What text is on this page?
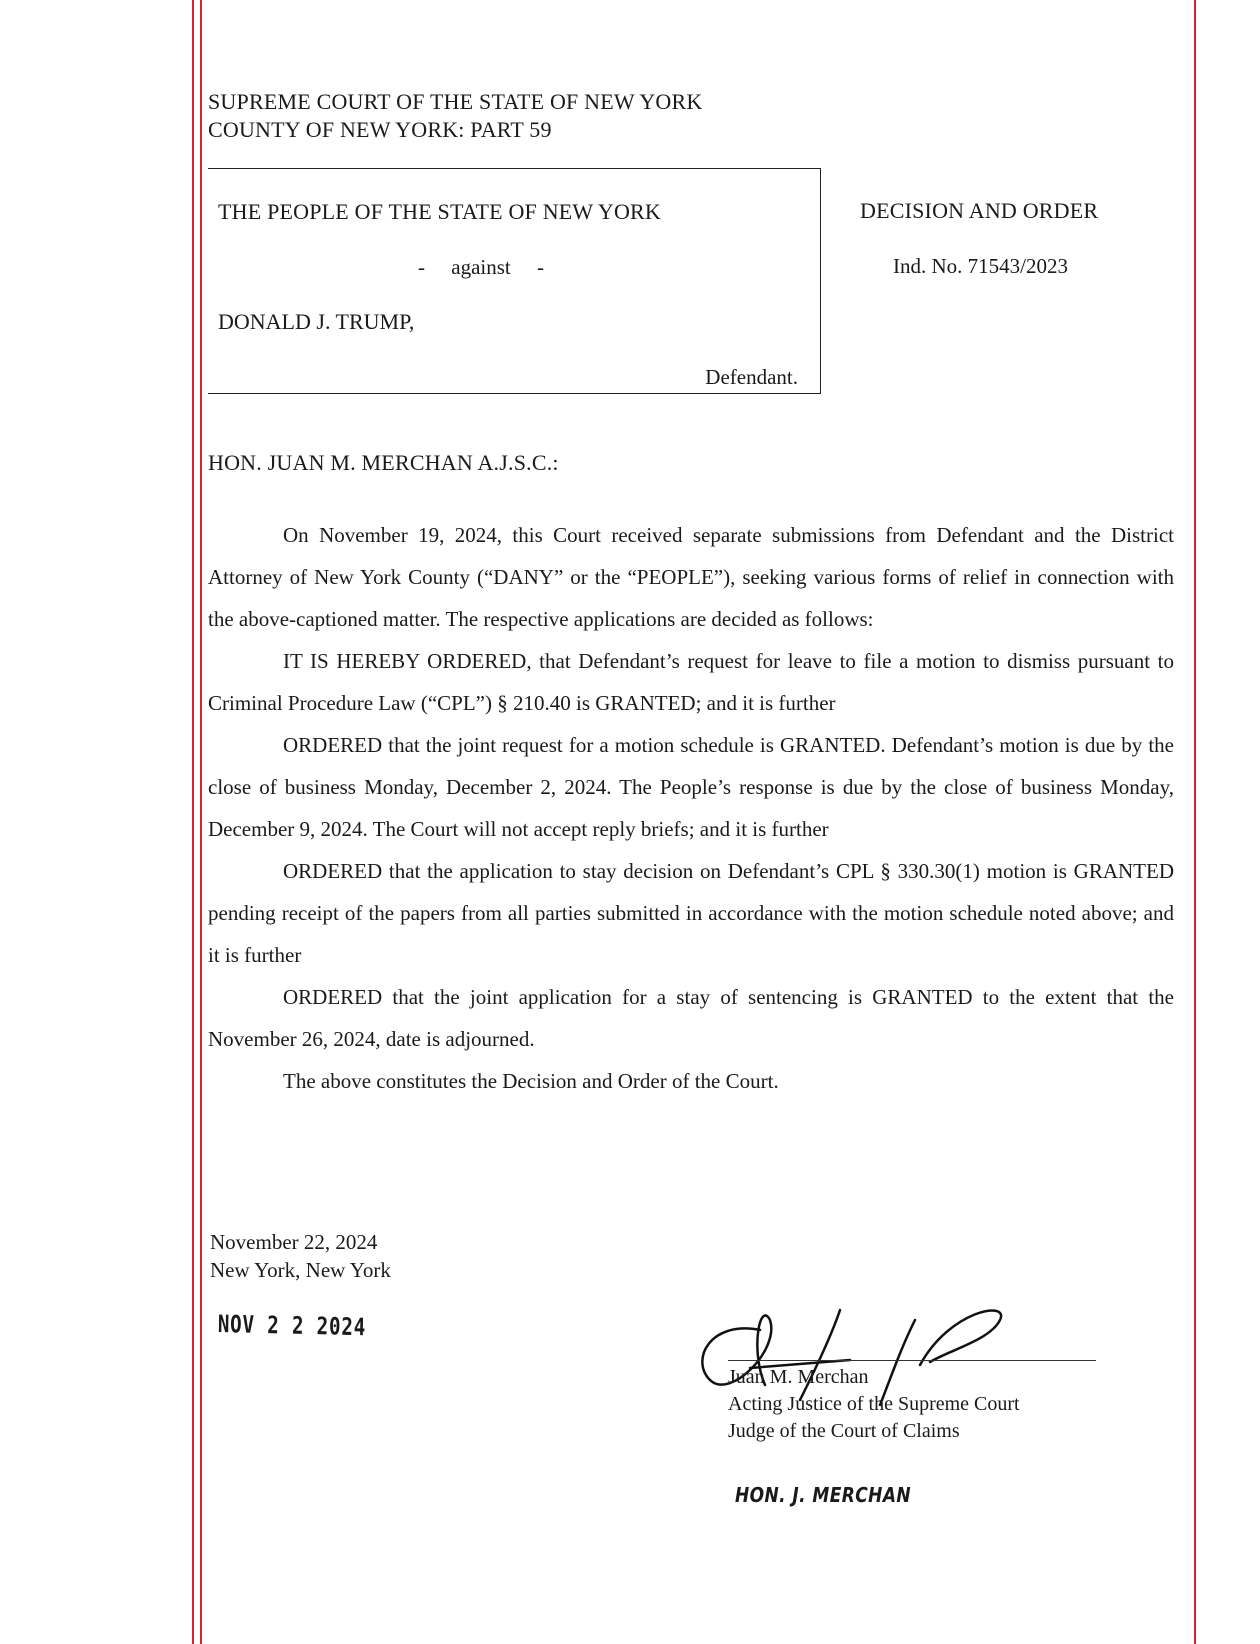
SUPREME COURT OF THE STATE OF NEW YORK
COUNTY OF NEW YORK: PART 59
THE PEOPLE OF THE STATE OF NEW YORK
-     against     -
DONALD J. TRUMP,
Defendant.
DECISION AND ORDER
Ind. No. 71543/2023
HON. JUAN M. MERCHAN A.J.S.C.:

On November 19, 2024, this Court received separate submissions from Defendant and the District Attorney of New York County (“DANY” or the “PEOPLE”), seeking various forms of relief in connection with the above-captioned matter. The respective applications are decided as follows:

IT IS HEREBY ORDERED, that Defendant’s request for leave to file a motion to dismiss pursuant to Criminal Procedure Law (“CPL”) § 210.40 is GRANTED; and it is further

ORDERED that the joint request for a motion schedule is GRANTED. Defendant’s motion is due by the close of business Monday, December 2, 2024. The People’s response is due by the close of business Monday, December 9, 2024. The Court will not accept reply briefs; and it is further

ORDERED that the application to stay decision on Defendant’s CPL § 330.30(1) motion is GRANTED pending receipt of the papers from all parties submitted in accordance with the motion schedule noted above; and it is further

ORDERED that the joint application for a stay of sentencing is GRANTED to the extent that the November 26, 2024, date is adjourned.

The above constitutes the Decision and Order of the Court.

November 22, 2024
New York, New York
NOV 2 2 2024
Juan M. Merchan
Acting Justice of the Supreme Court
Judge of the Court of Claims
HON. J. MERCHAN
